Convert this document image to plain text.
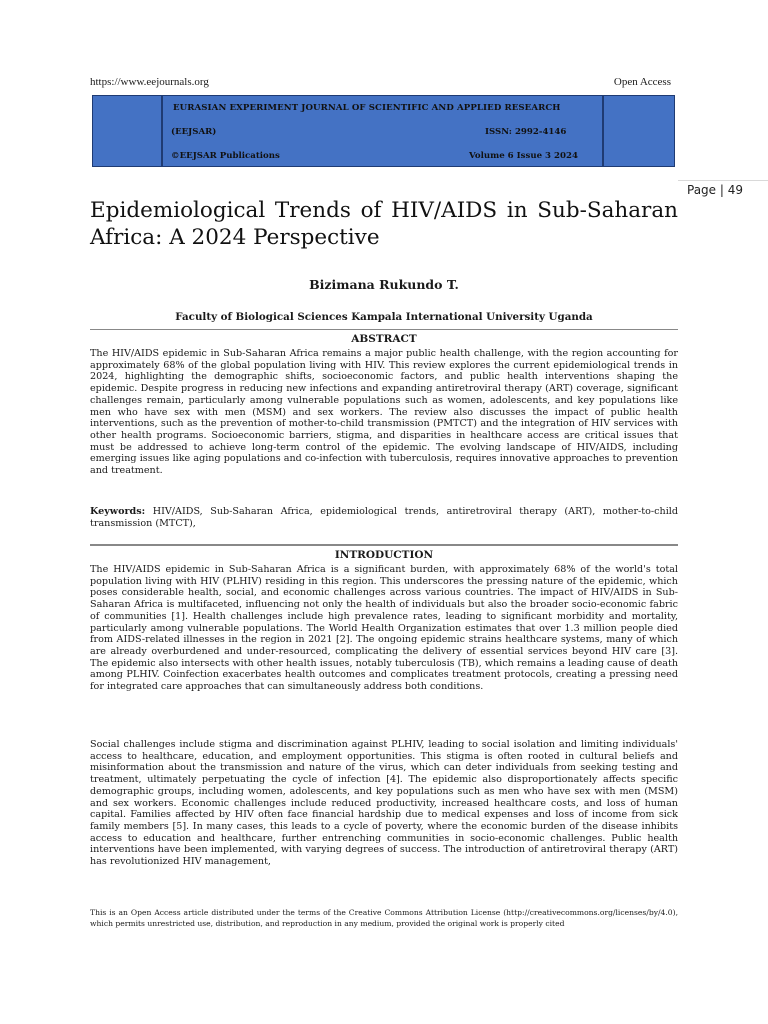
https://www.eejournals.org	Open Access
EURASIAN EXPERIMENT JOURNAL OF SCIENTIFIC AND APPLIED RESEARCH
(EEJSAR)	ISSN: 2992-4146
©EEJSAR Publications	Volume 6 Issue 3 2024
Page | 49
Epidemiological Trends of HIV/AIDS in Sub-Saharan Africa: A 2024 Perspective
Bizimana Rukundo T.
Faculty of Biological Sciences Kampala International University Uganda
ABSTRACT
The HIV/AIDS epidemic in Sub-Saharan Africa remains a major public health challenge, with the region accounting for approximately 68% of the global population living with HIV. This review explores the current epidemiological trends in 2024, highlighting the demographic shifts, socioeconomic factors, and public health interventions shaping the epidemic. Despite progress in reducing new infections and expanding antiretroviral therapy (ART) coverage, significant challenges remain, particularly among vulnerable populations such as women, adolescents, and key populations like men who have sex with men (MSM) and sex workers. The review also discusses the impact of public health interventions, such as the prevention of mother-to-child transmission (PMTCT) and the integration of HIV services with other health programs. Socioeconomic barriers, stigma, and disparities in healthcare access are critical issues that must be addressed to achieve long-term control of the epidemic. The evolving landscape of HIV/AIDS, including emerging issues like aging populations and co-infection with tuberculosis, requires innovative approaches to prevention and treatment.
Keywords: HIV/AIDS, Sub-Saharan Africa, epidemiological trends, antiretroviral therapy (ART), mother-to-child transmission (MTCT),
INTRODUCTION
The HIV/AIDS epidemic in Sub-Saharan Africa is a significant burden, with approximately 68% of the world's total population living with HIV (PLHIV) residing in this region. This underscores the pressing nature of the epidemic, which poses considerable health, social, and economic challenges across various countries. The impact of HIV/AIDS in Sub-Saharan Africa is multifaceted, influencing not only the health of individuals but also the broader socio-economic fabric of communities [1]. Health challenges include high prevalence rates, leading to significant morbidity and mortality, particularly among vulnerable populations. The World Health Organization estimates that over 1.3 million people died from AIDS-related illnesses in the region in 2021 [2]. The ongoing epidemic strains healthcare systems, many of which are already overburdened and under-resourced, complicating the delivery of essential services beyond HIV care [3]. The epidemic also intersects with other health issues, notably tuberculosis (TB), which remains a leading cause of death among PLHIV. Coinfection exacerbates health outcomes and complicates treatment protocols, creating a pressing need for integrated care approaches that can simultaneously address both conditions.
Social challenges include stigma and discrimination against PLHIV, leading to social isolation and limiting individuals' access to healthcare, education, and employment opportunities. This stigma is often rooted in cultural beliefs and misinformation about the transmission and nature of the virus, which can deter individuals from seeking testing and treatment, ultimately perpetuating the cycle of infection [4]. The epidemic also disproportionately affects specific demographic groups, including women, adolescents, and key populations such as men who have sex with men (MSM) and sex workers. Economic challenges include reduced productivity, increased healthcare costs, and loss of human capital. Families affected by HIV often face financial hardship due to medical expenses and loss of income from sick family members [5]. In many cases, this leads to a cycle of poverty, where the economic burden of the disease inhibits access to education and healthcare, further entrenching communities in socio-economic challenges. Public health interventions have been implemented, with varying degrees of success. The introduction of antiretroviral therapy (ART) has revolutionized HIV management,
This is an Open Access article distributed under the terms of the Creative Commons Attribution License (http://creativecommons.org/licenses/by/4.0), which permits unrestricted use, distribution, and reproduction in any medium, provided the original work is properly cited
